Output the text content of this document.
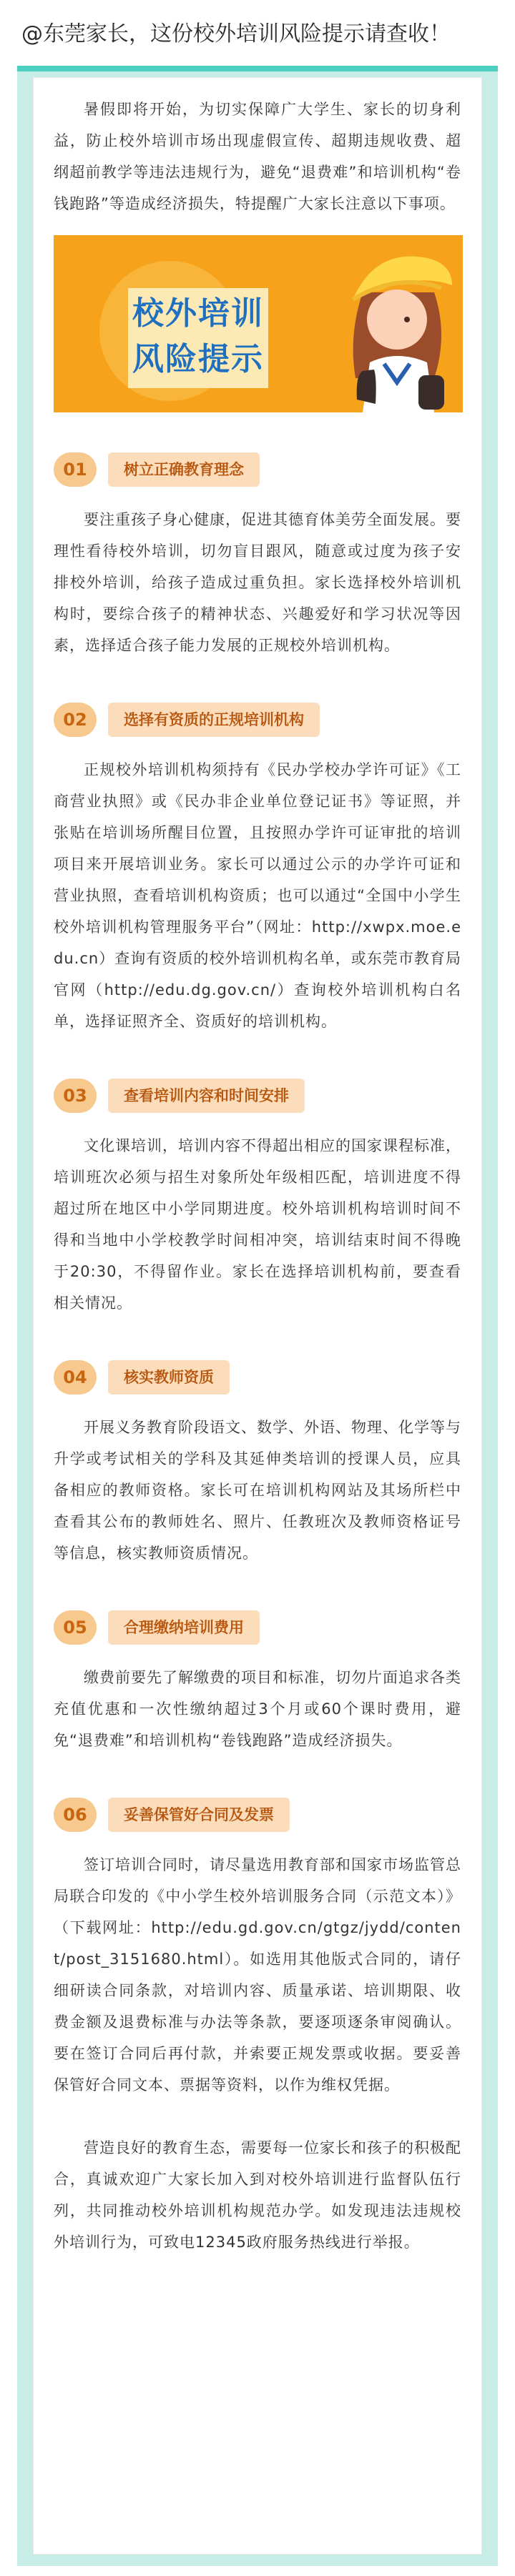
@东莞家长，这份校外培训风险提示请查收！

暑假即将开始，为切实保障广大学生、家长的切身利益，防止校外培训市场出现虚假宣传、超期违规收费、超纲超前教学等违法违规行为，避免“退费难”和培训机构“卷钱跑路”等造成经济损失，特提醒广大家长注意以下事项。

校外培训
风险提示
01	树立正确教育理念

要注重孩子身心健康，促进其德育体美劳全面发展。要理性看待校外培训，切勿盲目跟风，随意或过度为孩子安排校外培训，给孩子造成过重负担。家长选择校外培训机构时，要综合孩子的精神状态、兴趣爱好和学习状况等因素，选择适合孩子能力发展的正规校外培训机构。

02	选择有资质的正规培训机构

正规校外培训机构须持有《民办学校办学许可证》《工商营业执照》或《民办非企业单位登记证书》等证照，并张贴在培训场所醒目位置，且按照办学许可证审批的培训项目来开展培训业务。家长可以通过公示的办学许可证和营业执照，查看培训机构资质；也可以通过“全国中小学生校外培训机构管理服务平台”（网址：http://xwpx.moe.edu.cn）查询有资质的校外培训机构名单，或东莞市教育局官网（http://edu.dg.gov.cn/）查询校外培训机构白名单，选择证照齐全、资质好的培训机构。

03	查看培训内容和时间安排

文化课培训，培训内容不得超出相应的国家课程标准，培训班次必须与招生对象所处年级相匹配，培训进度不得超过所在地区中小学同期进度。校外培训机构培训时间不得和当地中小学校教学时间相冲突，培训结束时间不得晚于20:30，不得留作业。家长在选择培训机构前，要查看相关情况。

04	核实教师资质

开展义务教育阶段语文、数学、外语、物理、化学等与升学或考试相关的学科及其延伸类培训的授课人员，应具备相应的教师资格。家长可在培训机构网站及其场所栏中查看其公布的教师姓名、照片、任教班次及教师资格证号等信息，核实教师资质情况。

05	合理缴纳培训费用

缴费前要先了解缴费的项目和标准，切勿片面追求各类充值优惠和一次性缴纳超过3个月或60个课时费用，避免“退费难”和培训机构“卷钱跑路”造成经济损失。

06	妥善保管好合同及发票

签订培训合同时，请尽量选用教育部和国家市场监管总局联合印发的《中小学生校外培训服务合同（示范文本）》（下载网址：http://edu.gd.gov.cn/gtgz/jydd/content/post_3151680.html）。如选用其他版式合同的，请仔细研读合同条款，对培训内容、质量承诺、培训期限、收费金额及退费标准与办法等条款，要逐项逐条审阅确认。要在签订合同后再付款，并索要正规发票或收据。要妥善保管好合同文本、票据等资料，以作为维权凭据。

营造良好的教育生态，需要每一位家长和孩子的积极配合，真诚欢迎广大家长加入到对校外培训进行监督队伍行列，共同推动校外培训机构规范办学。如发现违法违规校外培训行为，可致电12345政府服务热线进行举报。
